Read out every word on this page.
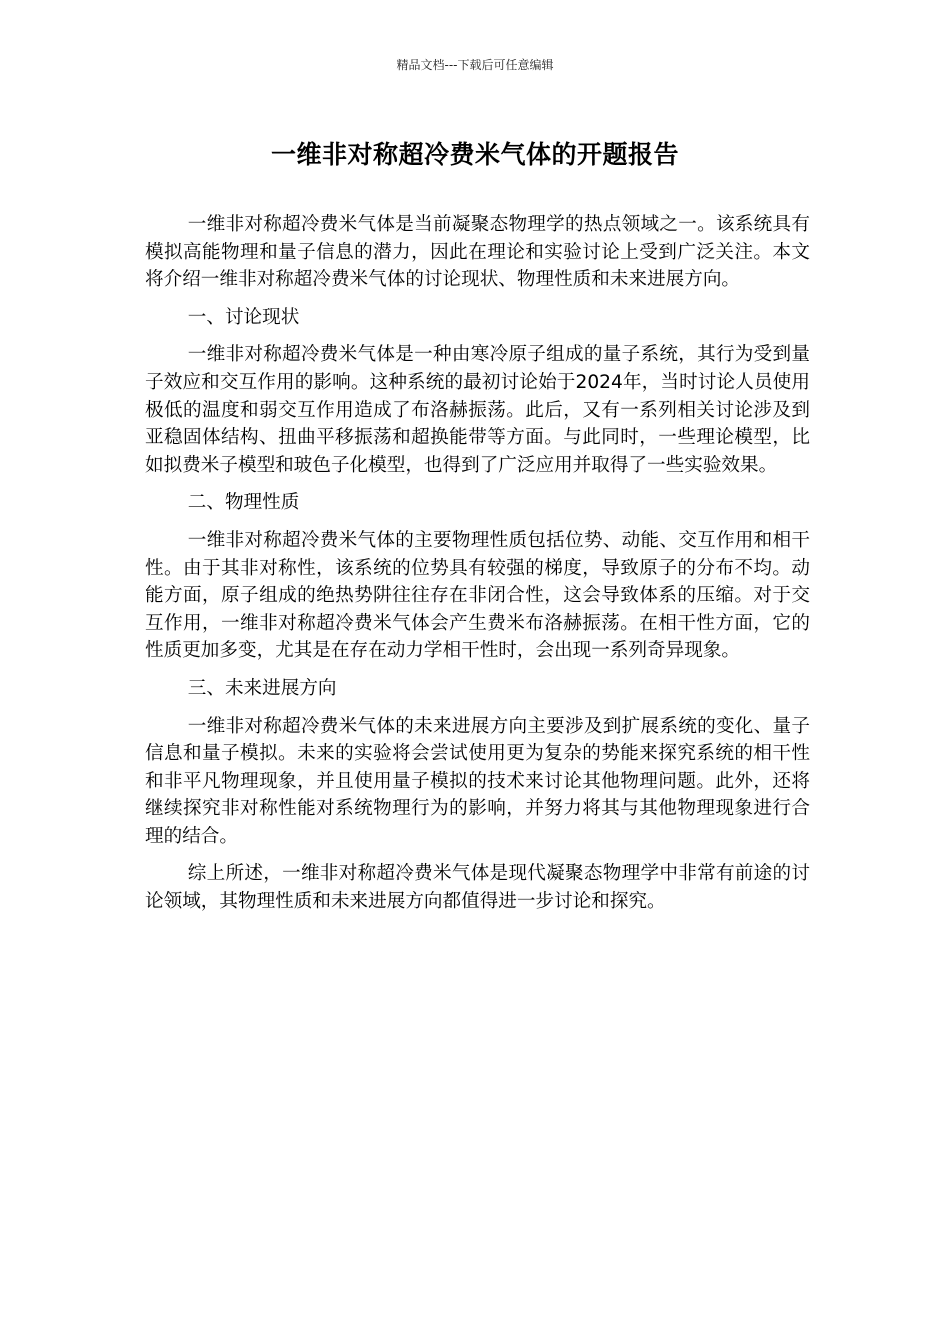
精品文档---下载后可任意编辑
一维非对称超冷费米气体的开题报告

一维非对称超冷费米气体是当前凝聚态物理学的热点领域之一。该系统具有模拟高能物理和量子信息的潜力，因此在理论和实验讨论上受到广泛关注。本文将介绍一维非对称超冷费米气体的讨论现状、物理性质和未来进展方向。

一、讨论现状

一维非对称超冷费米气体是一种由寒冷原子组成的量子系统，其行为受到量子效应和交互作用的影响。这种系统的最初讨论始于2024年，当时讨论人员使用极低的温度和弱交互作用造成了布洛赫振荡。此后，又有一系列相关讨论涉及到亚稳固体结构、扭曲平移振荡和超换能带等方面。与此同时，一些理论模型，比如拟费米子模型和玻色子化模型，也得到了广泛应用并取得了一些实验效果。

二、物理性质

一维非对称超冷费米气体的主要物理性质包括位势、动能、交互作用和相干性。由于其非对称性，该系统的位势具有较强的梯度，导致原子的分布不均。动能方面，原子组成的绝热势阱往往存在非闭合性，这会导致体系的压缩。对于交互作用，一维非对称超冷费米气体会产生费米布洛赫振荡。在相干性方面，它的性质更加多变，尤其是在存在动力学相干性时，会出现一系列奇异现象。

三、未来进展方向

一维非对称超冷费米气体的未来进展方向主要涉及到扩展系统的变化、量子信息和量子模拟。未来的实验将会尝试使用更为复杂的势能来探究系统的相干性和非平凡物理现象，并且使用量子模拟的技术来讨论其他物理问题。此外，还将继续探究非对称性能对系统物理行为的影响，并努力将其与其他物理现象进行合理的结合。

综上所述，一维非对称超冷费米气体是现代凝聚态物理学中非常有前途的讨论领域，其物理性质和未来进展方向都值得进一步讨论和探究。
